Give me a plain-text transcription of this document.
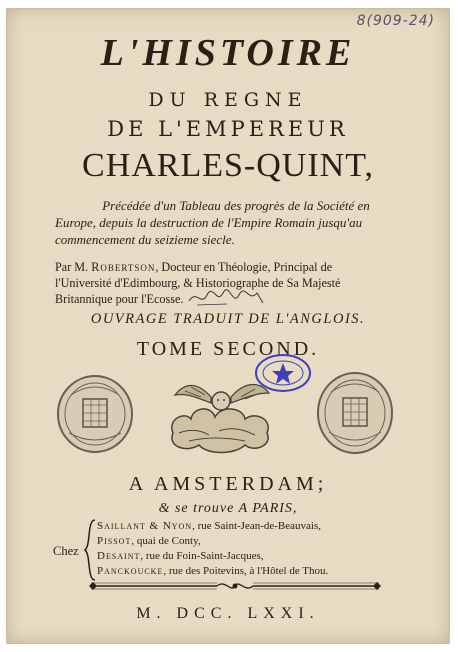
8(909-24)
L'HISTOIRE
DU REGNE
DE L'EMPEREUR
CHARLES-QUINT,
Précédée d'un Tableau des progrès de la Société en
Europe, depuis la destruction de l'Empire Romain jusqu'au
commencement du seizieme siecle.
Par M. Robertson, Docteur en Théologie, Principal de
l'Université d'Edimbourg, & Historiographe de Sa Majesté
Britannique pour l'Ecosse.
OUVRAGE TRADUIT DE L'ANGLOIS.
TOME SECOND.
A AMSTERDAM;
& se trouve A PARIS,
Chez
Saillant & Nyon, rue Saint-Jean-de-Beauvais,
Pissot, quai de Conty,
Desaint, rue du Foin-Saint-Jacques,
Panckoucke, rue des Poitevins, à l'Hôtel de Thou.
M. DCC. LXXI.
